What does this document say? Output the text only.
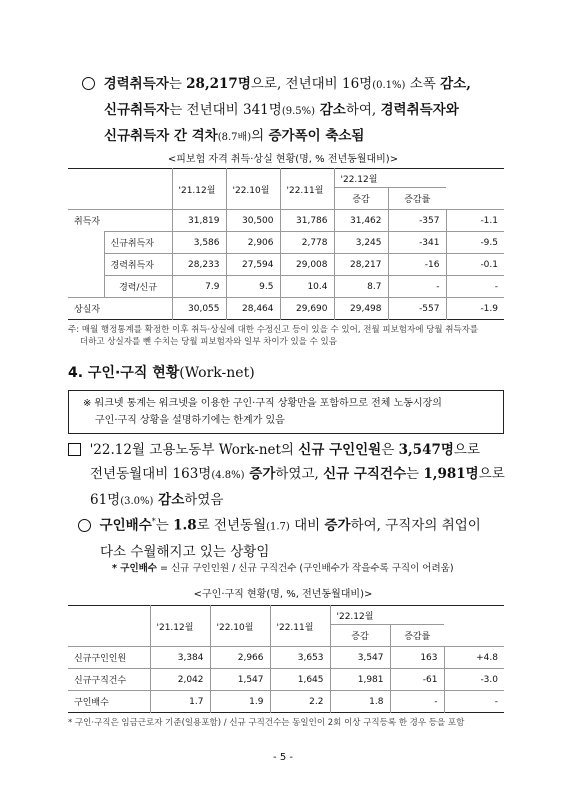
경력취득자는 28,217명으로, 전년대비 16명(0.1%) 소폭 감소,
신규취득자는 전년대비 341명(9.5%) 감소하여, 경력취득자와
신규취득자 간 격차(8.7배)의 증가폭이 축소됨
<피보험 자격 취득·상실 현황(명, % 전년동월대비)>
		'21.12월	'22.10월	'22.11월	'22.12월		
					증감	증감률	
취득자		31,819	30,500	31,786	31,462	-357	-1.1
	신규취득자	3,586	2,906	2,778	3,245	-341	-9.5
	경력취득자	28,233	27,594	29,008	28,217	-16	-0.1
	경력/신규	7.9	9.5	10.4	8.7	-	-
상실자		30,055	28,464	29,690	29,498	-557	-1.9
주: 매월 행정통계를 확정한 이후 취득·상실에 대한 수정신고 등이 있을 수 있어, 전월 피보험자에 당월 취득자를
더하고 상실자를 뺀 수치는 당월 피보험자와 일부 차이가 있을 수 있음
4. 구인·구직 현황(Work-net)
※ 워크넷 통계는 워크넷을 이용한 구인·구직 상황만을 포함하므로 전체 노동시장의
구인·구직 상황을 설명하기에는 한계가 있음
'22.12월 고용노동부 Work-net의 신규 구인인원은 3,547명으로
전년동월대비 163명(4.8%) 증가하였고, 신규 구직건수는 1,981명으로
61명(3.0%) 감소하였음
구인배수*는 1.8로 전년동월(1.7) 대비 증가하여, 구직자의 취업이
다소 수월해지고 있는 상황임
* 구인배수 = 신규 구인인원 / 신규 구직건수 (구인배수가 작을수록 구직이 어려움)
<구인·구직 현황(명, %, 전년동월대비)>
	'21.12월	'22.10월	'22.11월	'22.12월		
				증감	증감률	
신규구인인원	3,384	2,966	3,653	3,547	163	+4.8
신규구직건수	2,042	1,547	1,645	1,981	-61	-3.0
구인배수	1.7	1.9	2.2	1.8	-	-
* 구인·구직은 임금근로자 기준(일용포함) / 신규 구직건수는 동일인이 2회 이상 구직등록 한 경우 등을 포함
- 5 -
